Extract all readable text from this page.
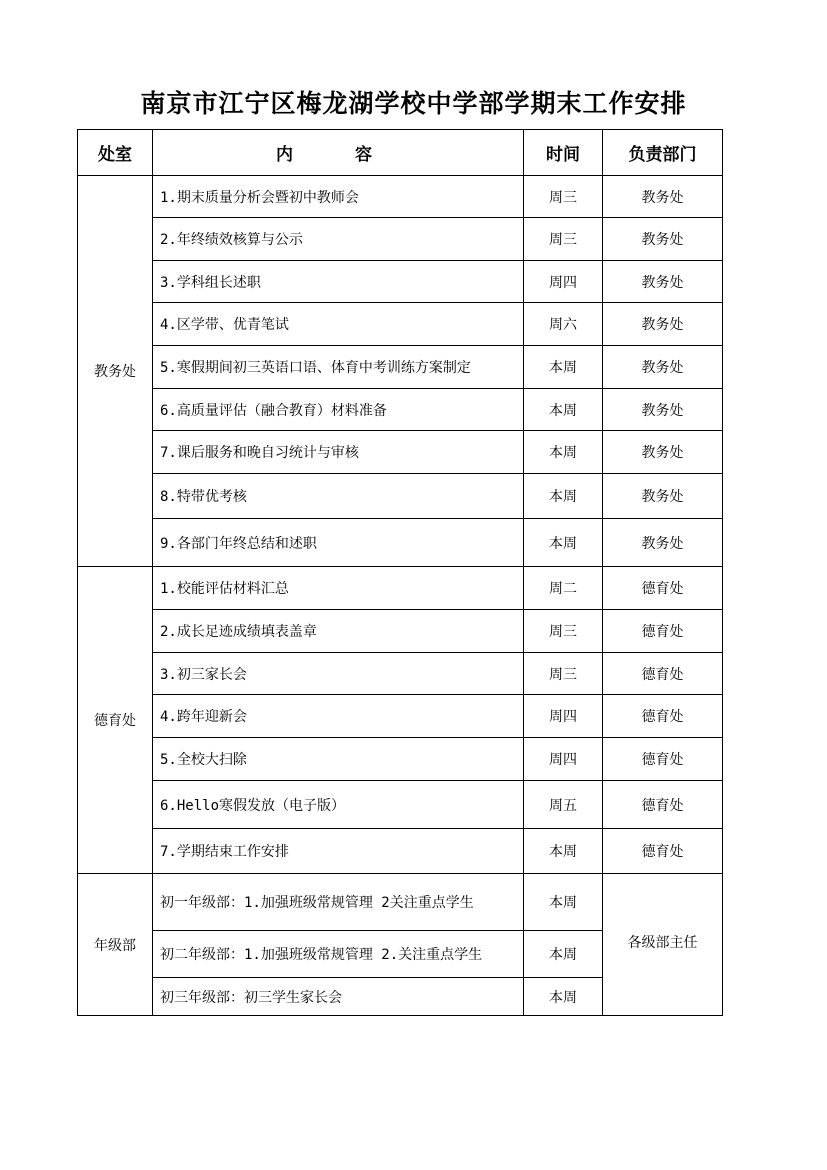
南京市江宁区梅龙湖学校中学部学期末工作安排
处室	内 容	时间	负责部门
教务处	1.期末质量分析会暨初中教师会	周三	教务处
	2.年终绩效核算与公示	周三	教务处
	3.学科组长述职	周四	教务处
	4.区学带、优青笔试	周六	教务处
	5.寒假期间初三英语口语、体育中考训练方案制定	本周	教务处
	6.高质量评估（融合教育）材料准备	本周	教务处
	7.课后服务和晚自习统计与审核	本周	教务处
	8.特带优考核	本周	教务处
	9.各部门年终总结和述职	本周	教务处
德育处	1.校能评估材料汇总	周二	德育处
	2.成长足迹成绩填表盖章	周三	德育处
	3.初三家长会	周三	德育处
	4.跨年迎新会	周四	德育处
	5.全校大扫除	周四	德育处
	6.Hello寒假发放（电子版）	周五	德育处
	7.学期结束工作安排	本周	德育处
年级部	初一年级部：1.加强班级常规管理 2关注重点学生	本周	各级部主任
	初二年级部：1.加强班级常规管理 2.关注重点学生	本周	
	初三年级部：初三学生家长会	本周	
